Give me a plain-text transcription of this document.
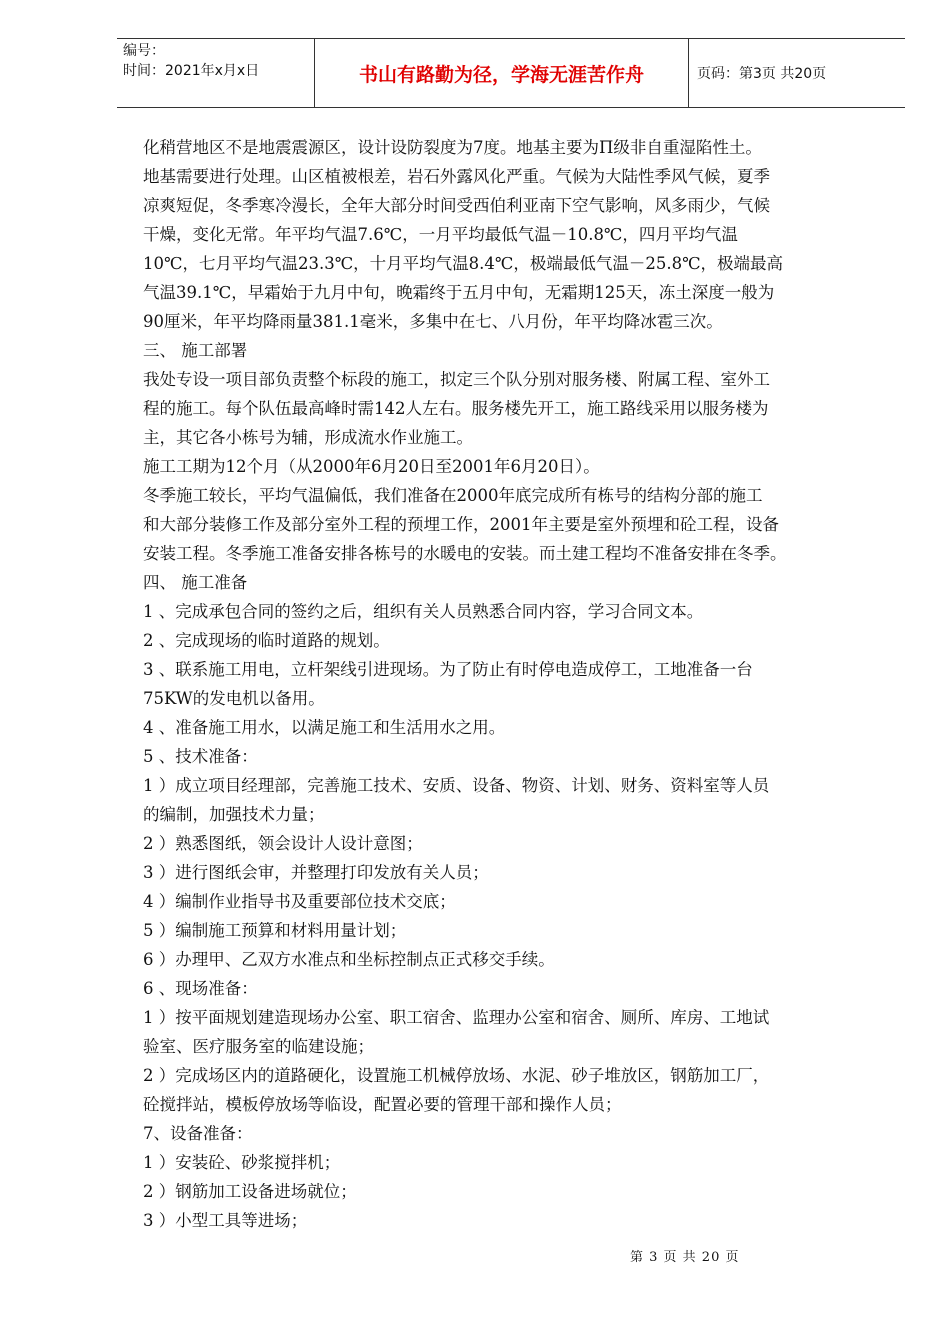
编号：
时间：2021年x月x日	书山有路勤为径，学海无涯苦作舟	页码：第3页 共20页

化稍营地区不是地震震源区，设计设防裂度为7度。地基主要为Π级非自重湿陷性土。

地基需要进行处理。山区植被根差，岩石外露风化严重。气候为大陆性季风气候，夏季

凉爽短促，冬季寒冷漫长，全年大部分时间受西伯利亚南下空气影响，风多雨少，气候

干燥，变化无常。年平均气温7.6℃，一月平均最低气温－10.8℃，四月平均气温

10℃，七月平均气温23.3℃，十月平均气温8.4℃，极端最低气温－25.8℃，极端最高

气温39.1℃，早霜始于九月中旬，晚霜终于五月中旬，无霜期125天，冻土深度一般为

90厘米，年平均降雨量381.1毫米，多集中在七、八月份，年平均降冰雹三次。

三、 施工部署

我处专设一项目部负责整个标段的施工，拟定三个队分别对服务楼、附属工程、室外工

程的施工。每个队伍最高峰时需142人左右。服务楼先开工，施工路线采用以服务楼为

主，其它各小栋号为辅，形成流水作业施工。

施工工期为12个月（从2000年6月20日至2001年6月20日）。

冬季施工较长，平均气温偏低，我们准备在2000年底完成所有栋号的结构分部的施工

和大部分装修工作及部分室外工程的预埋工作，2001年主要是室外预埋和砼工程，设备

安装工程。冬季施工准备安排各栋号的水暖电的安装。而土建工程均不准备安排在冬季。

四、 施工准备

1 、完成承包合同的签约之后，组织有关人员熟悉合同内容，学习合同文本。

2 、完成现场的临时道路的规划。

3 、联系施工用电，立杆架线引进现场。为了防止有时停电造成停工，工地准备一台

75KW的发电机以备用。

4 、准备施工用水，以满足施工和生活用水之用。

5 、技术准备：

1 ）成立项目经理部，完善施工技术、安质、设备、物资、计划、财务、资料室等人员

的编制，加强技术力量；

2 ）熟悉图纸，领会设计人设计意图；

3 ）进行图纸会审，并整理打印发放有关人员；

4 ）编制作业指导书及重要部位技术交底；

5 ）编制施工预算和材料用量计划；

6 ）办理甲、乙双方水准点和坐标控制点正式移交手续。

6 、现场准备：

1 ）按平面规划建造现场办公室、职工宿舍、监理办公室和宿舍、厕所、库房、工地试

验室、医疗服务室的临建设施；

2 ）完成场区内的道路硬化，设置施工机械停放场、水泥、砂子堆放区，钢筋加工厂，

砼搅拌站，模板停放场等临设，配置必要的管理干部和操作人员；

7、设备准备：

1 ）安装砼、砂浆搅拌机；

2 ）钢筋加工设备进场就位；

3 ）小型工具等进场；

第 3 页 共 20 页
